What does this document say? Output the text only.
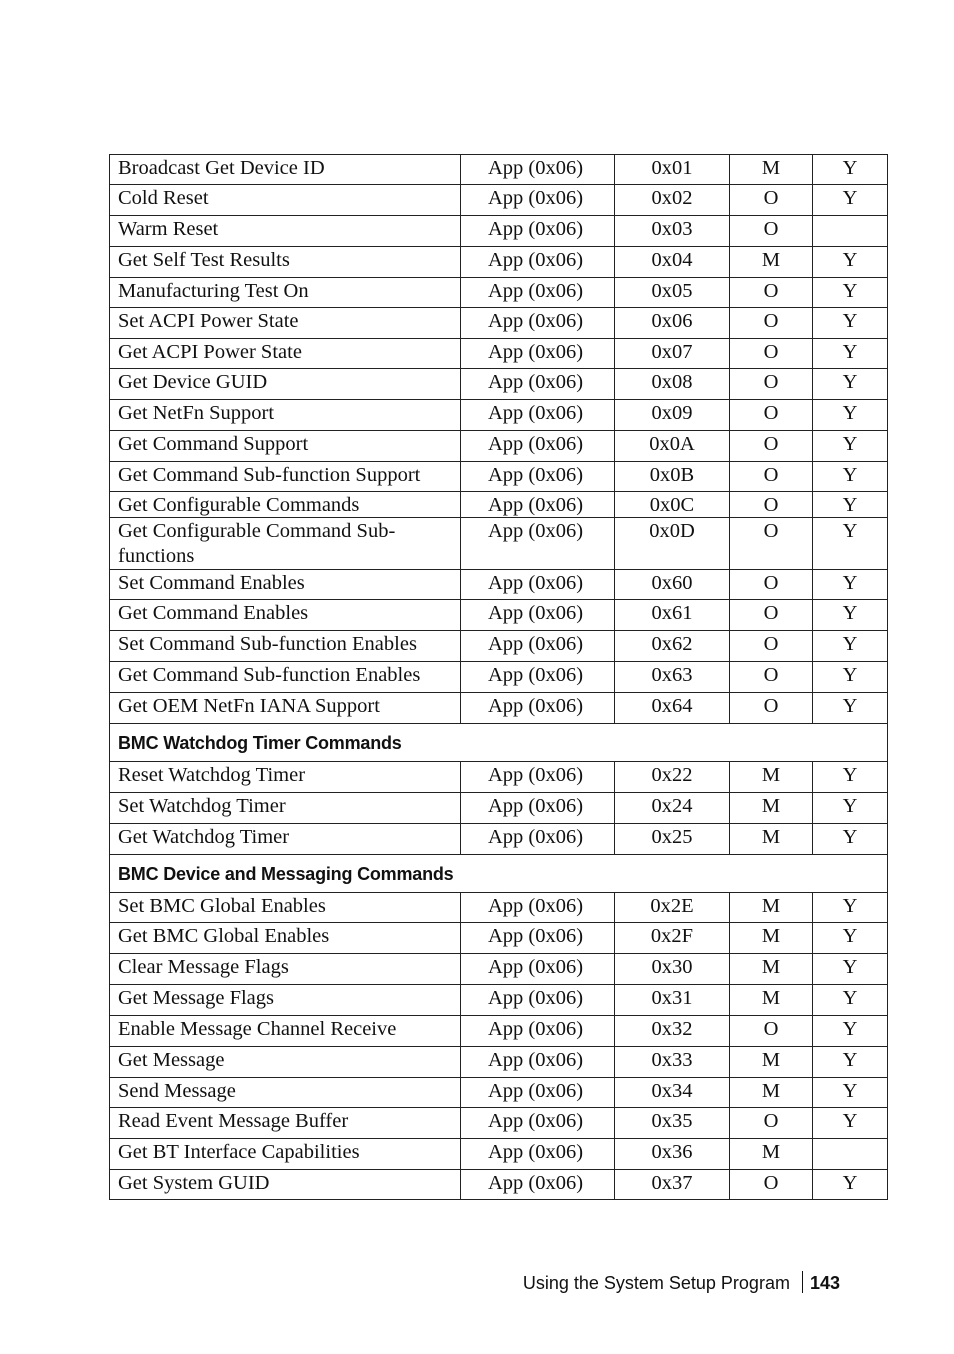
Broadcast Get Device ID	App (0x06)	0x01	M	Y
Cold Reset	App (0x06)	0x02	O	Y
Warm Reset	App (0x06)	0x03	O	
Get Self Test Results	App (0x06)	0x04	M	Y
Manufacturing Test On	App (0x06)	0x05	O	Y
Set ACPI Power State	App (0x06)	0x06	O	Y
Get ACPI Power State	App (0x06)	0x07	O	Y
Get Device GUID	App (0x06)	0x08	O	Y
Get NetFn Support	App (0x06)	0x09	O	Y
Get Command Support	App (0x06)	0x0A	O	Y
Get Command Sub-function Support	App (0x06)	0x0B	O	Y
Get Configurable Commands	App (0x06)	0x0C	O	Y
Get Configurable Command Sub-functions	App (0x06)	0x0D	O	Y
Set Command Enables	App (0x06)	0x60	O	Y
Get Command Enables	App (0x06)	0x61	O	Y
Set Command Sub-function Enables	App (0x06)	0x62	O	Y
Get Command Sub-function Enables	App (0x06)	0x63	O	Y
Get OEM NetFn IANA Support	App (0x06)	0x64	O	Y
BMC Watchdog Timer Commands				
Reset Watchdog Timer	App (0x06)	0x22	M	Y
Set Watchdog Timer	App (0x06)	0x24	M	Y
Get Watchdog Timer	App (0x06)	0x25	M	Y
BMC Device and Messaging Commands				
Set BMC Global Enables	App (0x06)	0x2E	M	Y
Get BMC Global Enables	App (0x06)	0x2F	M	Y
Clear Message Flags	App (0x06)	0x30	M	Y
Get Message Flags	App (0x06)	0x31	M	Y
Enable Message Channel Receive	App (0x06)	0x32	O	Y
Get Message	App (0x06)	0x33	M	Y
Send Message	App (0x06)	0x34	M	Y
Read Event Message Buffer	App (0x06)	0x35	O	Y
Get BT Interface Capabilities	App (0x06)	0x36	M	
Get System GUID	App (0x06)	0x37	O	Y
Using the System Setup Program 143
